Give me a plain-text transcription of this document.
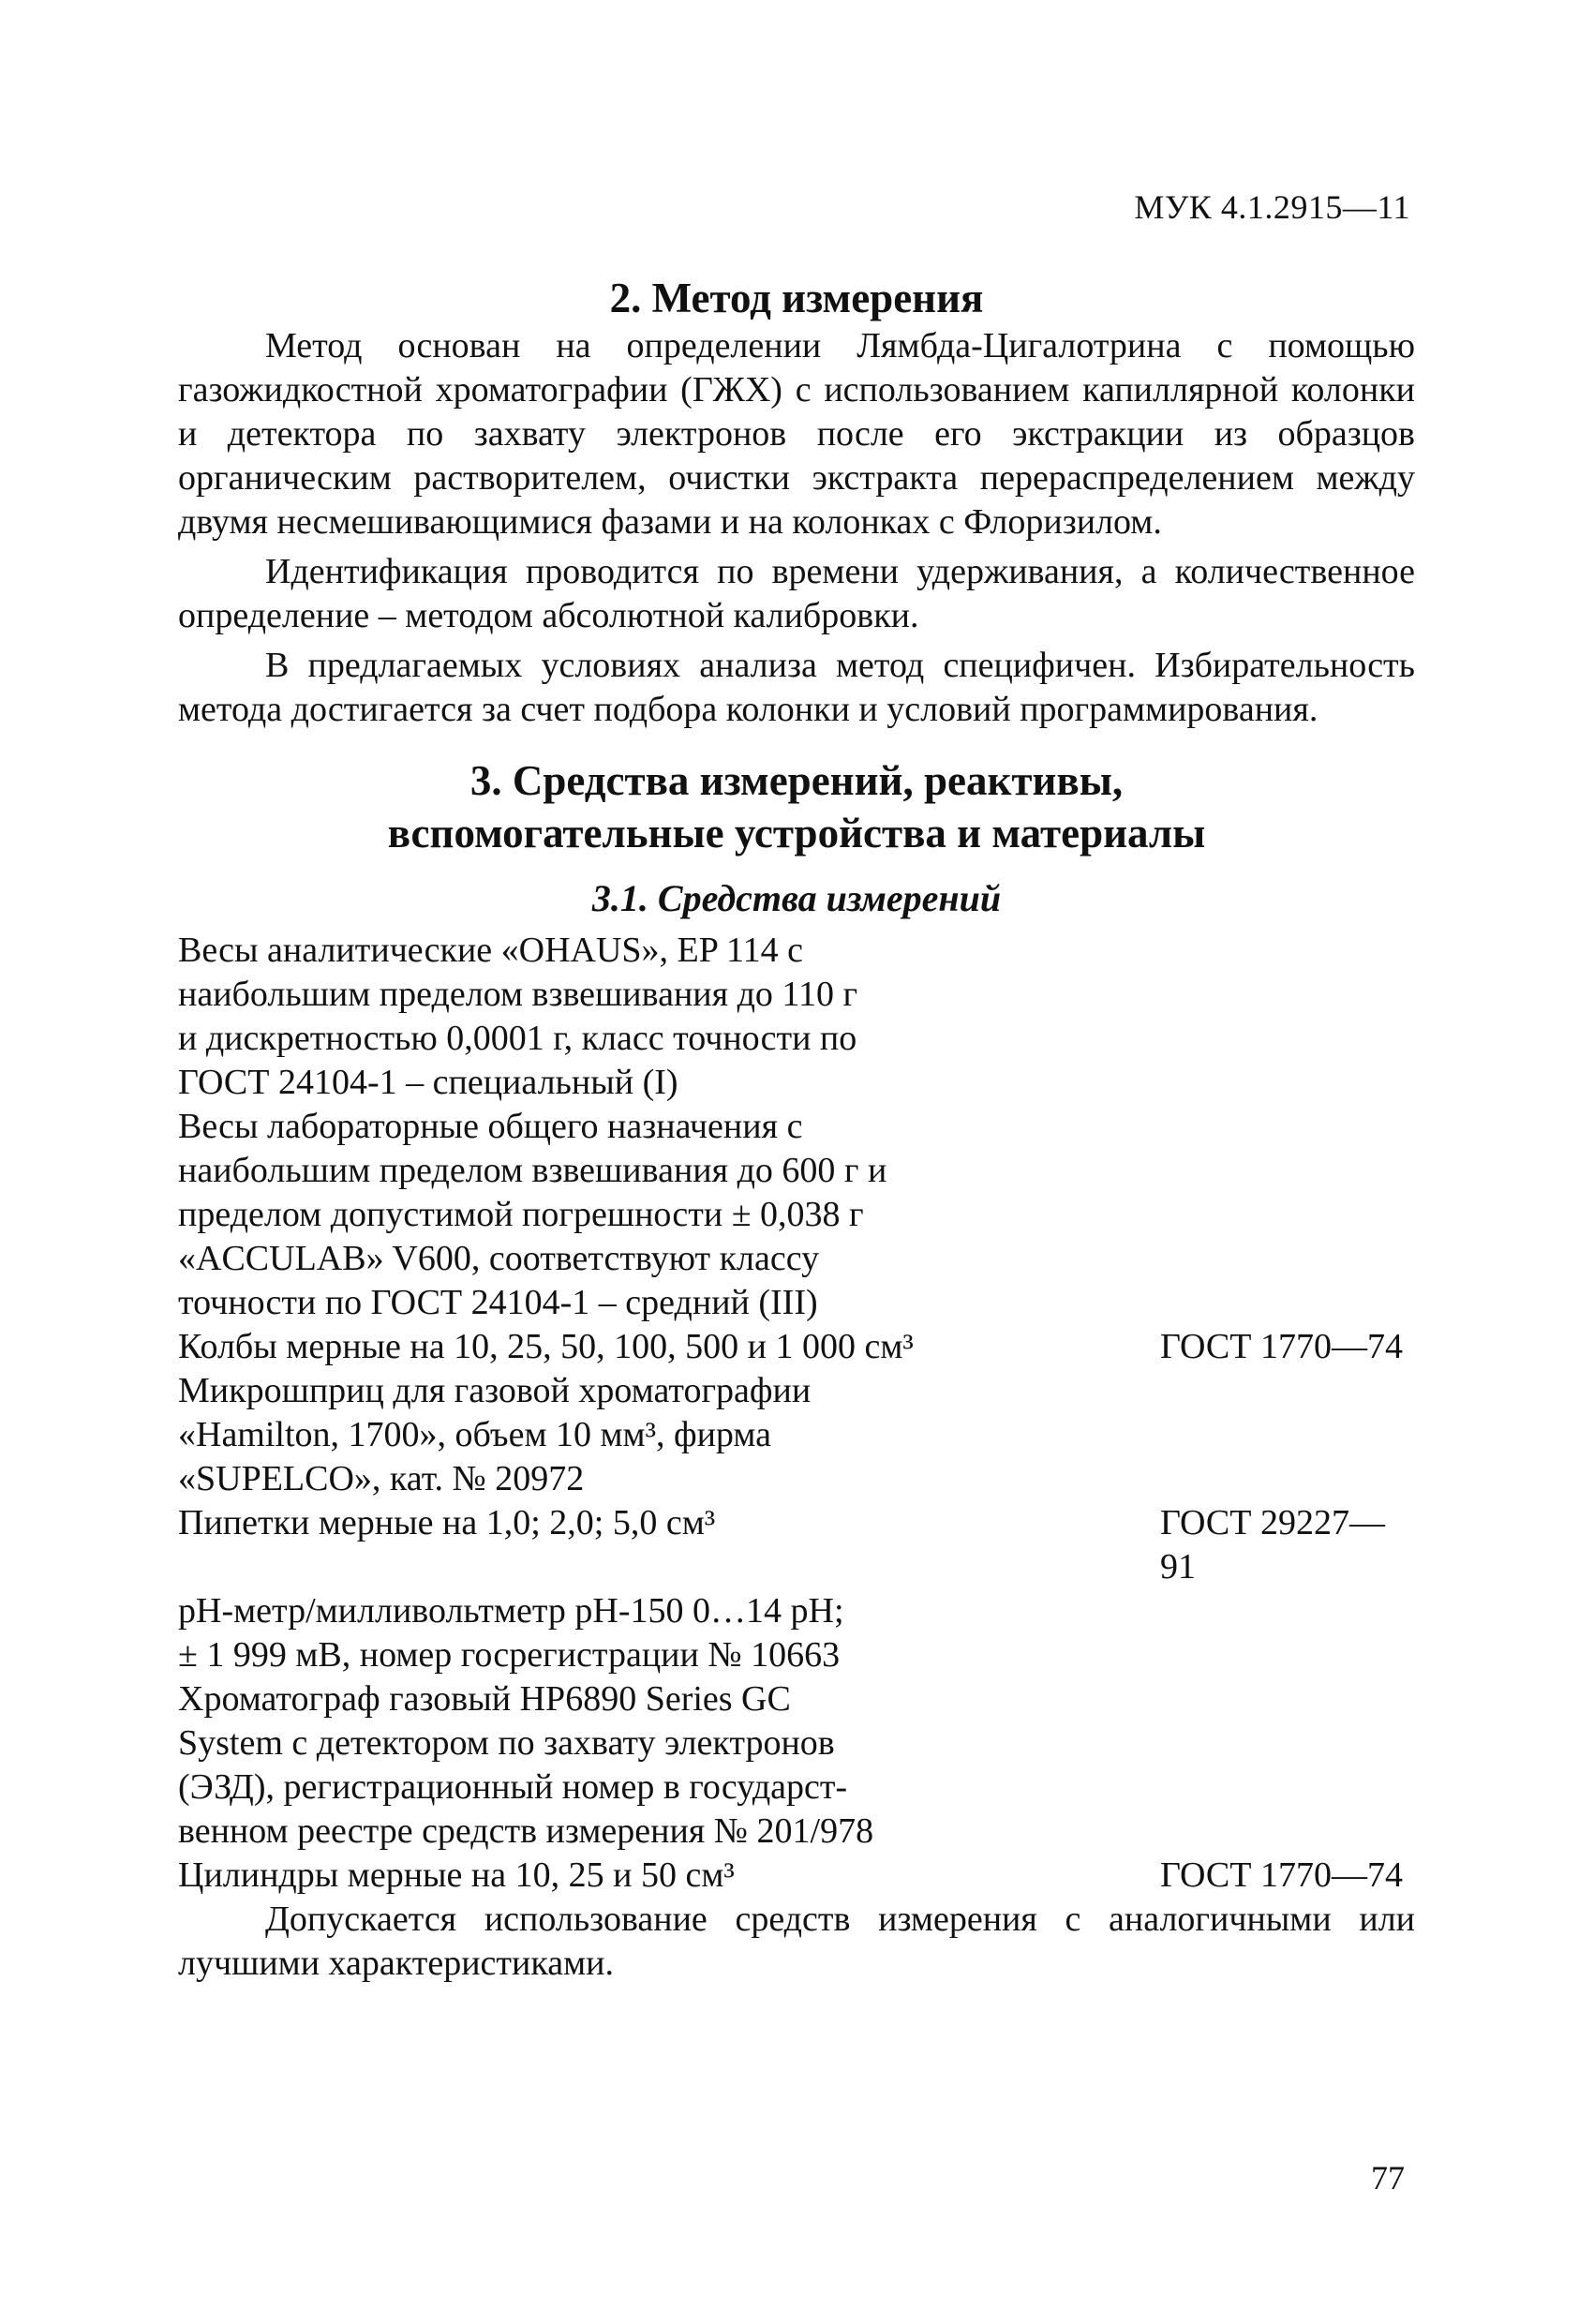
МУК 4.1.2915—11
2. Метод измерения

Метод основан на определении Лямбда-Цигалотрина с помощью газожидкостной хроматографии (ГЖХ) с использованием капиллярной колонки и детектора по захвату электронов после его экстракции из образцов органическим растворителем, очистки экстракта перераспределением между двумя несмешивающимися фазами и на колонках с Флоризилом.

Идентификация проводится по времени удерживания, а количественное определение – методом абсолютной калибровки.

В предлагаемых условиях анализа метод специфичен. Избирательность метода достигается за счет подбора колонки и условий программирования.

3. Средства измерений, реактивы,
вспомогательные устройства и материалы
3.1. Средства измерений
Весы аналитические «OHAUS», EP 114 с
наибольшим пределом взвешивания до 110 г
и дискретностью 0,0001 г, класс точности по
ГОСТ 24104-1 – специальный (I)
Весы лабораторные общего назначения с
наибольшим пределом взвешивания до 600 г и
пределом допустимой погрешности ± 0,038 г
«ACCULAB» V600, соответствуют классу
точности по ГОСТ 24104-1 – средний (III)
Колбы мерные на 10, 25, 50, 100, 500 и 1 000 см³	ГОСТ 1770—74
Микрошприц для газовой хроматографии
«Hamilton, 1700», объем 10 мм³, фирма
«SUPELCO», кат. № 20972
Пипетки мерные на 1,0; 2,0; 5,0 см³	ГОСТ 29227—91
pH-метр/милливольтметр pH-150 0…14 pH;
± 1 999 мВ, номер госрегистрации № 10663
Хроматограф газовый HP6890 Series GC
System с детектором по захвату электронов
(ЭЗД), регистрационный номер в государст-
венном реестре средств измерения № 201/978
Цилиндры мерные на 10, 25 и 50 см³	ГОСТ 1770—74

Допускается использование средств измерения с аналогичными или лучшими характеристиками.

77
